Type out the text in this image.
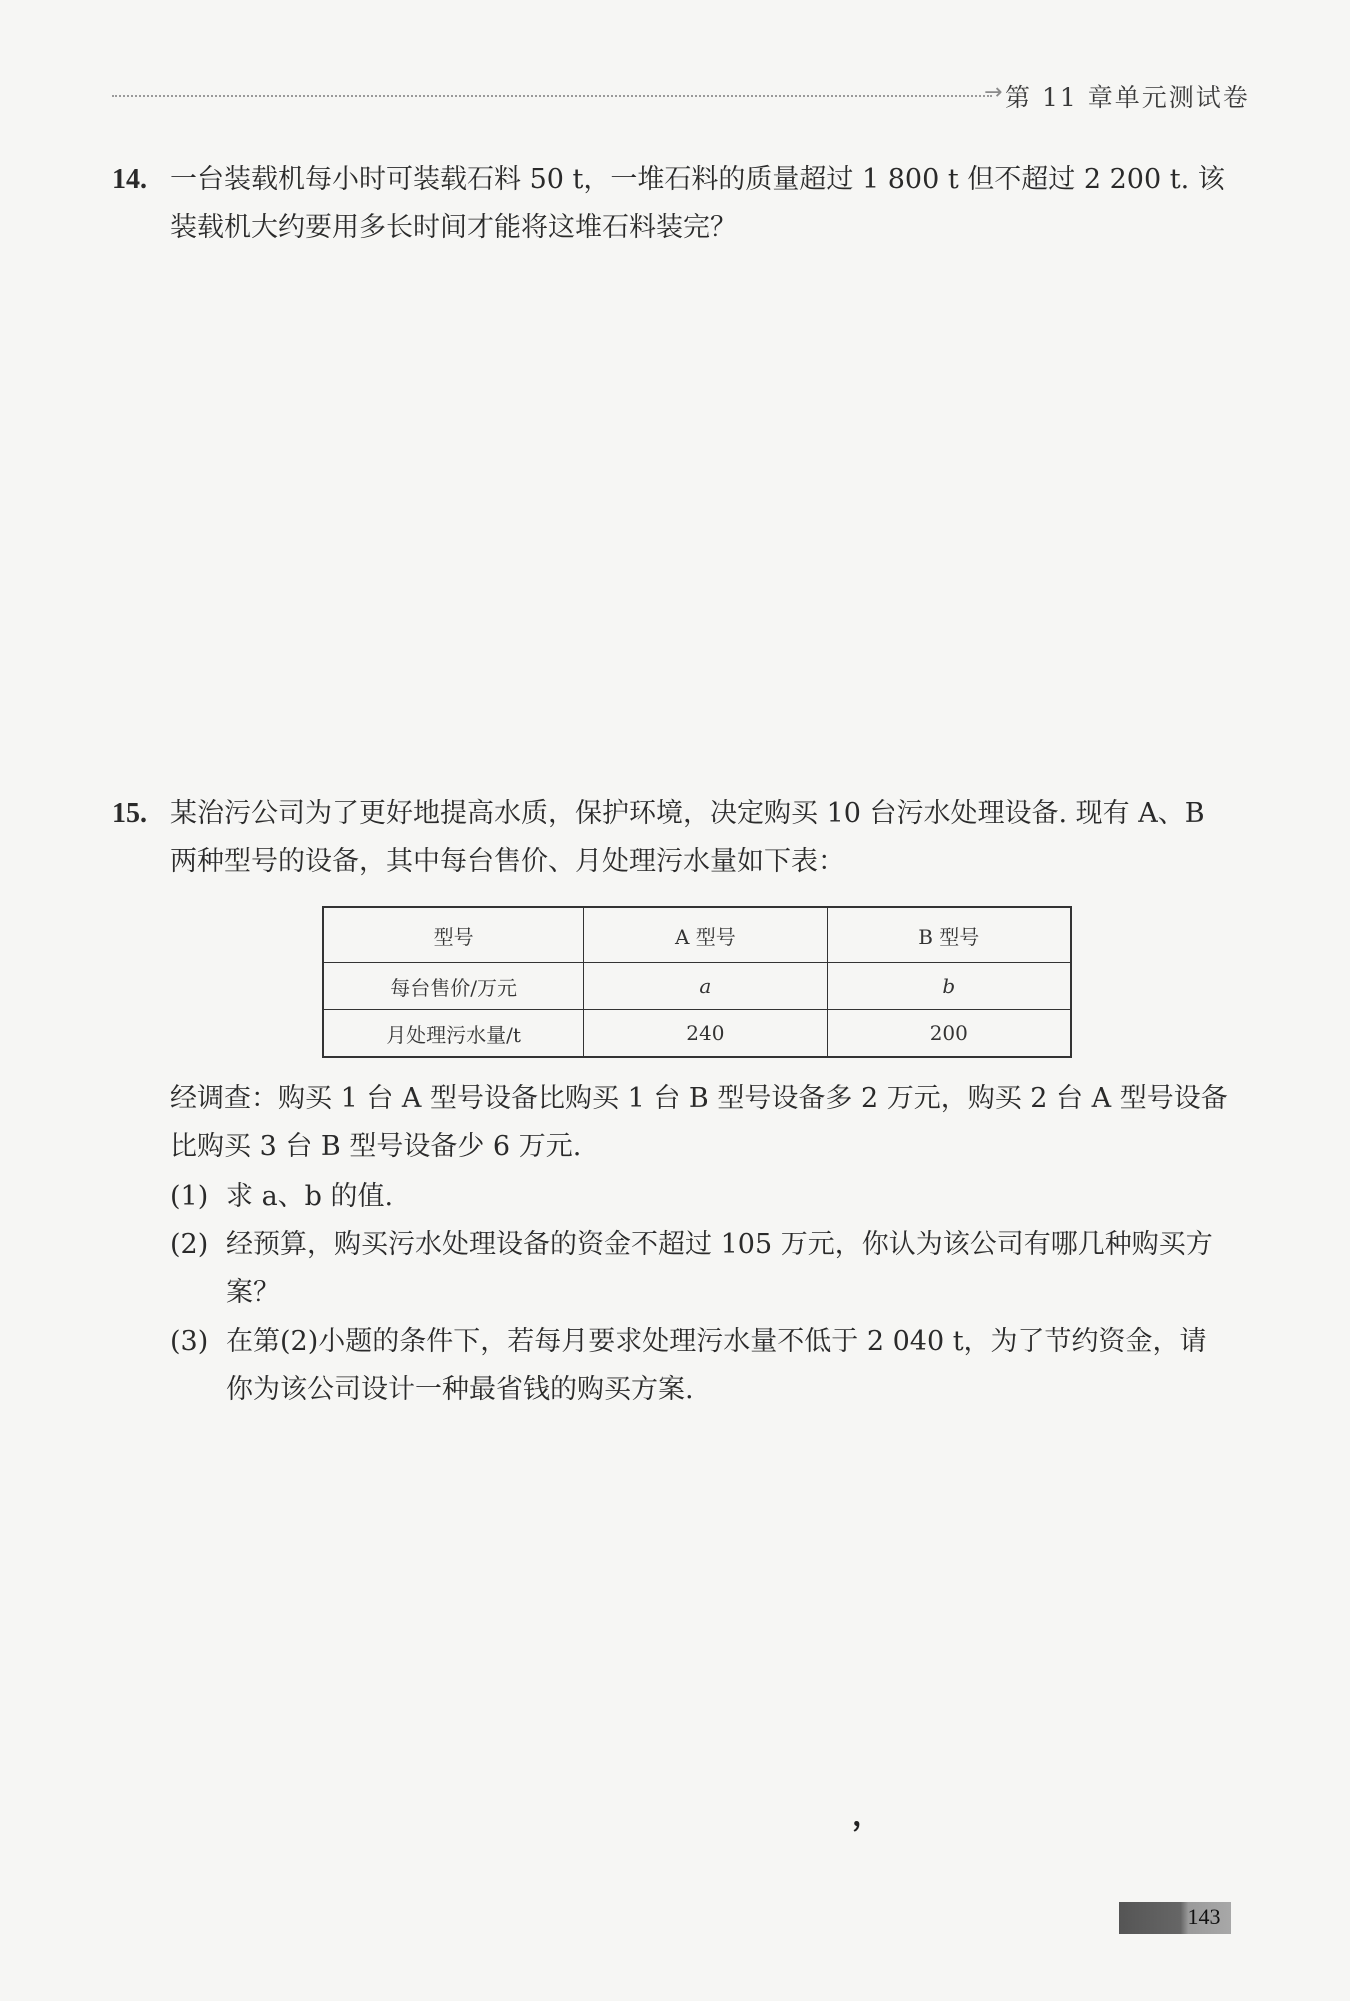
→ 第 11 章单元测试卷
14. 一台装载机每小时可装载石料 50 t，一堆石料的质量超过 1 800 t 但不超过 2 200 t. 该装载机大约要用多长时间才能将这堆石料装完？
15. 某治污公司为了更好地提高水质，保护环境，决定购买 10 台污水处理设备. 现有 A、B 两种型号的设备，其中每台售价、月处理污水量如下表：
型号	A 型号	B 型号
每台售价/万元	a	b
月处理污水量/t	240	200
经调查：购买 1 台 A 型号设备比购买 1 台 B 型号设备多 2 万元，购买 2 台 A 型号设备比购买 3 台 B 型号设备少 6 万元.
(1) 求 a、b 的值.
(2) 经预算，购买污水处理设备的资金不超过 105 万元，你认为该公司有哪几种购买方案？
(3) 在第(2)小题的条件下，若每月要求处理污水量不低于 2 040 t，为了节约资金，请你为该公司设计一种最省钱的购买方案.
，
143
